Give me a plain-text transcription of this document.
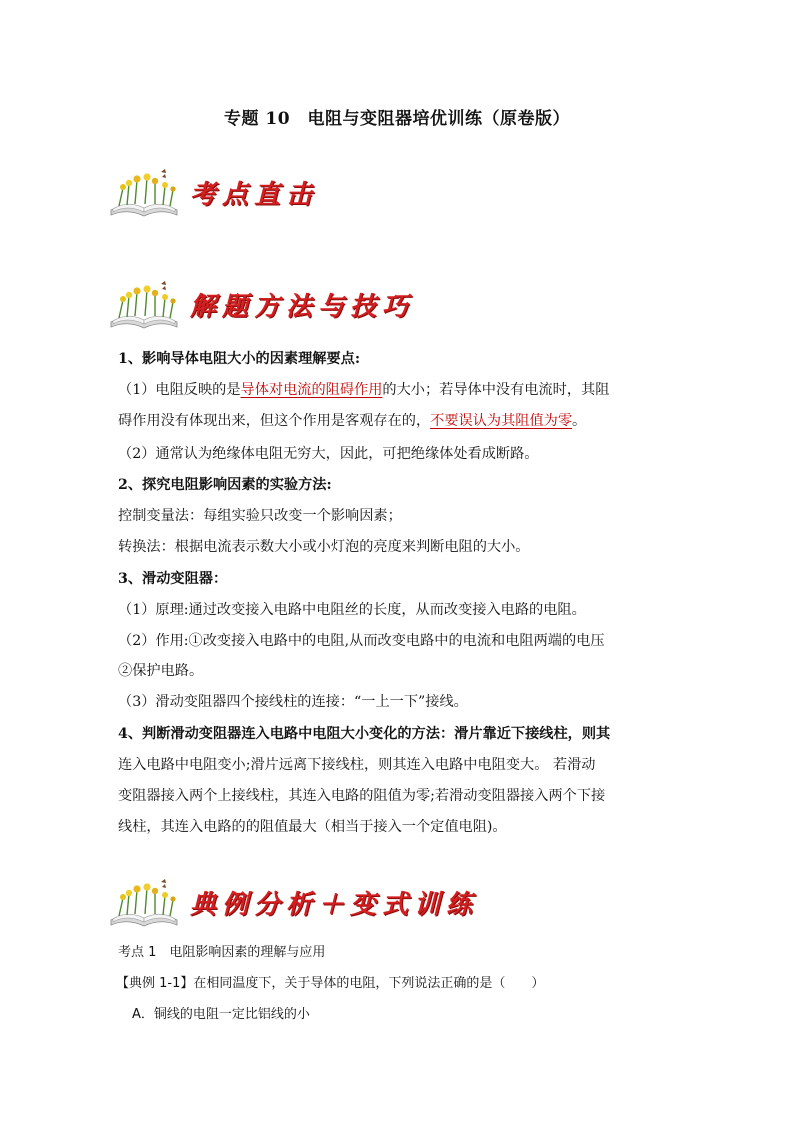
专题 10　电阻与变阻器培优训练（原卷版）
考点直击
解题方法与技巧
1、影响导体电阻大小的因素理解要点:
（1）电阻反映的是导体对电流的阻碍作用的大小；若导体中没有电流时，其阻
碍作用没有体现出来，但这个作用是客观存在的，不要误认为其阻值为零。
（2）通常认为绝缘体电阻无穷大，因此，可把绝缘体处看成断路。
2、探究电阻影响因素的实验方法:
控制变量法：每组实验只改变一个影响因素；
转换法：根据电流表示数大小或小灯泡的亮度来判断电阻的大小。
3、滑动变阻器：
（1）原理:通过改变接入电路中电阻丝的长度，从而改变接入电路的电阻。
（2）作用:①改变接入电路中的电阻,从而改变电路中的电流和电阻两端的电压
②保护电路。
（3）滑动变阻器四个接线柱的连接：“一上一下”接线。
4、判断滑动变阻器连入电路中电阻大小变化的方法：滑片靠近下接线柱，则其
连入电路中电阻变小;滑片远离下接线柱，则其连入电路中电阻变大。 若滑动
变阻器接入两个上接线柱，其连入电路的阻值为零;若滑动变阻器接入两个下接
线柱，其连入电路的的阻值最大（相当于接入一个定值电阻)。
典例分析＋变式训练
考点 1　电阻影响因素的理解与应用
【典例 1-1】在相同温度下，关于导体的电阻，下列说法正确的是（　　）
A．铜线的电阻一定比铝线的小
